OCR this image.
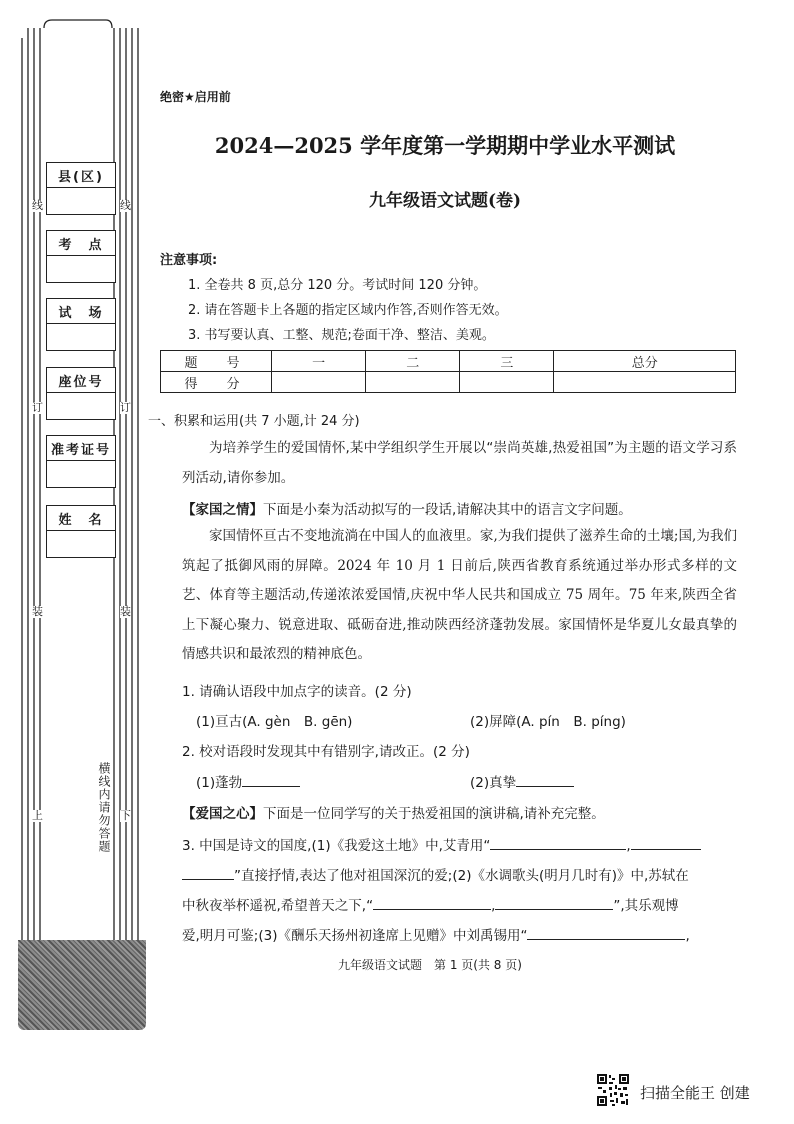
县(区)
考　点
试　场
座位号
准考证号
姓　名
线	线
订	订
装	装
上	下
横线内请勿答题
绝密★启用前
2024—2025 学年度第一学期期中学业水平测试
九年级语文试题(卷)
注意事项:
1. 全卷共 8 页,总分 120 分。考试时间 120 分钟。
2. 请在答题卡上各题的指定区域内作答,否则作答无效。
3. 书写要认真、工整、规范;卷面干净、整洁、美观。
题　号	一	二	三	总分
得　分				
一、积累和运用(共 7 小题,计 24 分)
为培养学生的爱国情怀,某中学组织学生开展以“崇尚英雄,热爱祖国”为主题的语文学习系列活动,请你参加。
【家国之情】下面是小秦为活动拟写的一段话,请解决其中的语言文字问题。
家国情怀亘古不变地流淌在中国人的血液里。家,为我们提供了滋养生命的土壤;国,为我们筑起了抵御风雨的屏障。2024 年 10 月 1 日前后,陕西省教育系统通过举办形式多样的文艺、体育等主题活动,传递浓浓爱国情,庆祝中华人民共和国成立 75 周年。75 年来,陕西全省上下凝心聚力、锐意进取、砥砺奋进,推动陕西经济蓬勃发展。家国情怀是华夏儿女最真挚的情感共识和最浓烈的精神底色。
1. 请确认语段中加点字的读音。(2 分)
(1)亘古(A. gèn　B. gēn)	(2)屏障(A. pín　B. píng)
2. 校对语段时发现其中有错别字,请改正。(2 分)
(1)蓬勃	(2)真挚
【爱国之心】下面是一位同学写的关于热爱祖国的演讲稿,请补充完整。
3. 中国是诗文的国度,(1)《我爱这土地》中,艾青用“	,
”直接抒情,表达了他对祖国深沉的爱;(2)《水调歌头(明月几时有)》中,苏轼在
中秋夜举杯遥祝,希望普天之下,“	,	”,其乐观博
爱,明月可鉴;(3)《酬乐天扬州初逢席上见赠》中刘禹锡用“	,
九年级语文试题　第 1 页(共 8 页)
扫描全能王 创建
